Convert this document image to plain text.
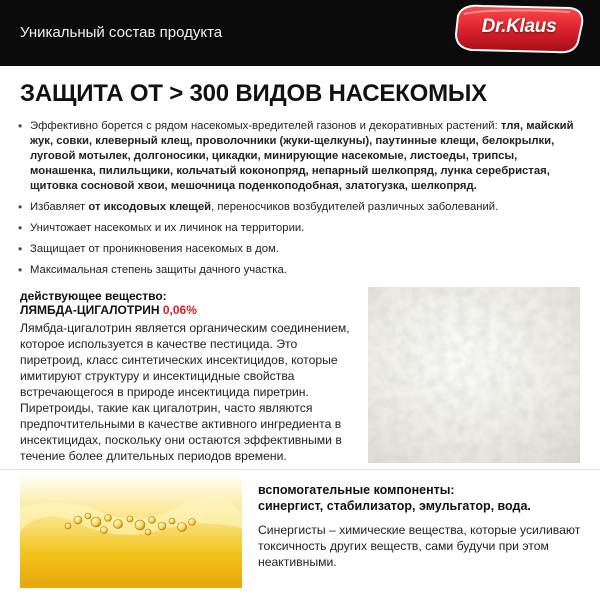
Уникальный состав продукта	Dr.Klaus
ЗАЩИТА ОТ > 300 ВИДОВ НАСЕКОМЫХ
• Эффективно борется с рядом насекомых-вредителей газонов и декоративных растений: тля, майский жук, совки, клеверный клещ, проволочники (жуки-щелкуны), паутинные клещи, белокрылки, луговой мотылек, долгоносики, цикадки, минирующие насекомые, листоеды, трипсы, монашенка, пилильщики, кольчатый коконопряд, непарный шелкопряд, лунка серебристая, щитовка сосновой хвои, мешочница поденкоподобная, златогузка, шелкопряд.
• Избавляет от иксодовых клещей, переносчиков возбудителей различных заболеваний.
• Уничтожает насекомых и их личинок на территории.
• Защищает от проникновения насекомых в дом.
• Максимальная степень защиты дачного участка.
действующее вещество:
ЛЯМБДА-ЦИГАЛОТРИН 0,06%

Лямбда-цигалотрин является органическим соединением, которое используется в качестве пестицида. Это пиретроид, класс синтетических инсектицидов, которые имитируют структуру и инсектицидные свойства встречающегося в природе инсектицида пиретрин. Пиретроиды, такие как цигалотрин, часто являются предпочтительными в качестве активного ингредиента в инсектицидах, поскольку они остаются эффективными в течение более длительных периодов времени.

вспомогательные компоненты:
синергист, стабилизатор, эмульгатор, вода.

Синергисты – химические вещества, которые усиливают токсичность других веществ, сами будучи при этом неактивными.
